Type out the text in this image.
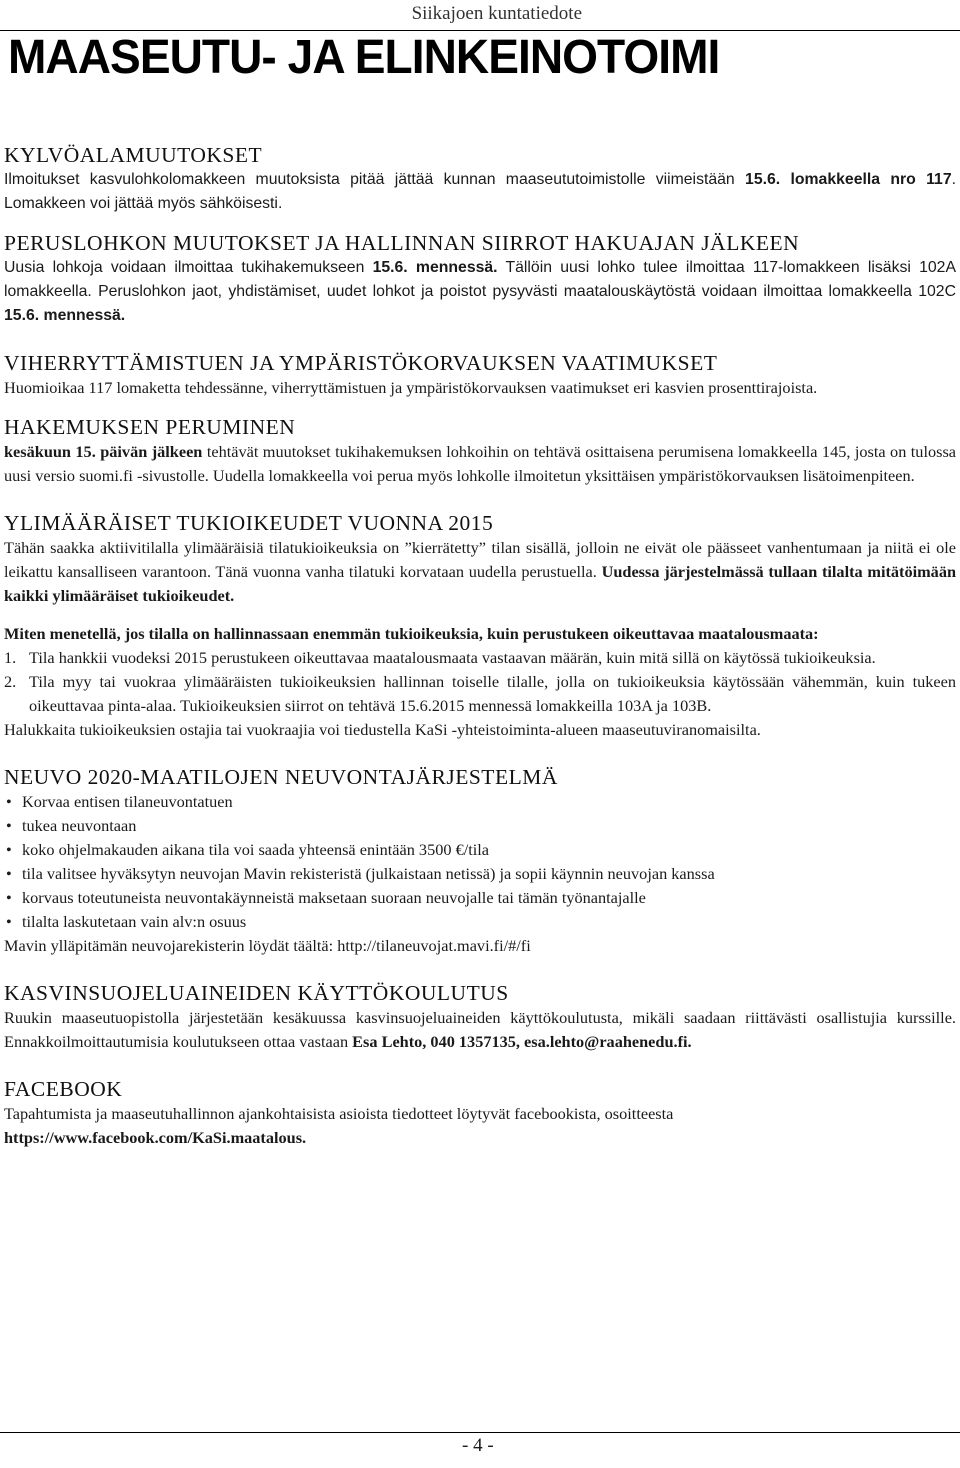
Siikajoen kuntatiedote
MAASEUTU- JA ELINKEINOTOIMI
KYLVÖALAMUUTOKSET

Ilmoitukset kasvulohkolomakkeen muutoksista pitää jättää kunnan maaseututoimistolle viimeistään 15.6. lomakkeella nro 117. Lomakkeen voi jättää myös sähköisesti.

PERUSLOHKON MUUTOKSET JA HALLINNAN SIIRROT HAKUAJAN JÄLKEEN

Uusia lohkoja voidaan ilmoittaa tukihakemukseen 15.6. mennessä. Tällöin uusi lohko tulee ilmoittaa 117-lomakkeen lisäksi 102A lomakkeella. Peruslohkon jaot, yhdistämiset, uudet lohkot ja poistot pysyvästi maatalouskäytöstä voidaan ilmoittaa lomakkeella 102C 15.6. mennessä.

VIHERRYTTÄMISTUEN JA YMPÄRISTÖKORVAUKSEN VAATIMUKSET

Huomioikaa 117 lomaketta tehdessänne, viherryttämistuen ja ympäristökorvauksen vaatimukset eri kasvien prosenttirajoista.

HAKEMUKSEN PERUMINEN

kesäkuun 15. päivän jälkeen tehtävät muutokset tukihakemuksen lohkoihin on tehtävä osittaisena perumisena lomakkeella 145, josta on tulossa uusi versio suomi.fi -sivustolle. Uudella lomakkeella voi perua myös lohkolle ilmoitetun yksittäisen ympäristökorvauksen lisätoimenpiteen.

YLIMÄÄRÄISET TUKIOIKEUDET VUONNA 2015

Tähän saakka aktiivitilalla ylimääräisiä tilatukioikeuksia on ”kierrätetty” tilan sisällä, jolloin ne eivät ole päässeet vanhentumaan ja niitä ei ole leikattu kansalliseen varantoon. Tänä vuonna vanha tilatuki korvataan uudella perustuella. Uudessa järjestelmässä tullaan tilalta mitätöimään kaikki ylimääräiset tukioikeudet.

Miten menetellä, jos tilalla on hallinnassaan enemmän tukioikeuksia, kuin perustukeen oikeuttavaa maatalousmaata:

1. Tila hankkii vuodeksi 2015 perustukeen oikeuttavaa maatalousmaata vastaavan määrän, kuin mitä sillä on käytössä tukioikeuksia.
2. Tila myy tai vuokraa ylimääräisten tukioikeuksien hallinnan toiselle tilalle, jolla on tukioikeuksia käytössään vähemmän, kuin tukeen oikeuttavaa pinta-alaa. Tukioikeuksien siirrot on tehtävä 15.6.2015 mennessä lomakkeilla 103A ja 103B.

Halukkaita tukioikeuksien ostajia tai vuokraajia voi tiedustella KaSi -yhteistoiminta-alueen maaseutuviranomaisilta.

NEUVO 2020-MAATILOJEN NEUVONTAJÄRJESTELMÄ
• Korvaa entisen tilaneuvontatuen
• tukea neuvontaan
• koko ohjelmakauden aikana tila voi saada yhteensä enintään 3500 €/tila
• tila valitsee hyväksytyn neuvojan Mavin rekisteristä (julkaistaan netissä) ja sopii käynnin neuvojan kanssa
• korvaus toteutuneista neuvontakäynneistä maksetaan suoraan neuvojalle tai tämän työnantajalle
• tilalta laskutetaan vain alv:n osuus

Mavin ylläpitämän neuvojarekisterin löydät täältä: http://tilaneuvojat.mavi.fi/#/fi

KASVINSUOJELUAINEIDEN KÄYTTÖKOULUTUS

Ruukin maaseutuopistolla järjestetään kesäkuussa kasvinsuojeluaineiden käyttökoulutusta, mikäli saadaan riittävästi osallistujia kurssille. Ennakkoilmoittautumisia koulutukseen ottaa vastaan Esa Lehto, 040 1357135, esa.lehto@raahenedu.fi.

FACEBOOK

Tapahtumista ja maaseutuhallinnon ajankohtaisista asioista tiedotteet löytyvät facebookista, osoitteesta https://www.facebook.com/KaSi.maatalous.

- 4 -
